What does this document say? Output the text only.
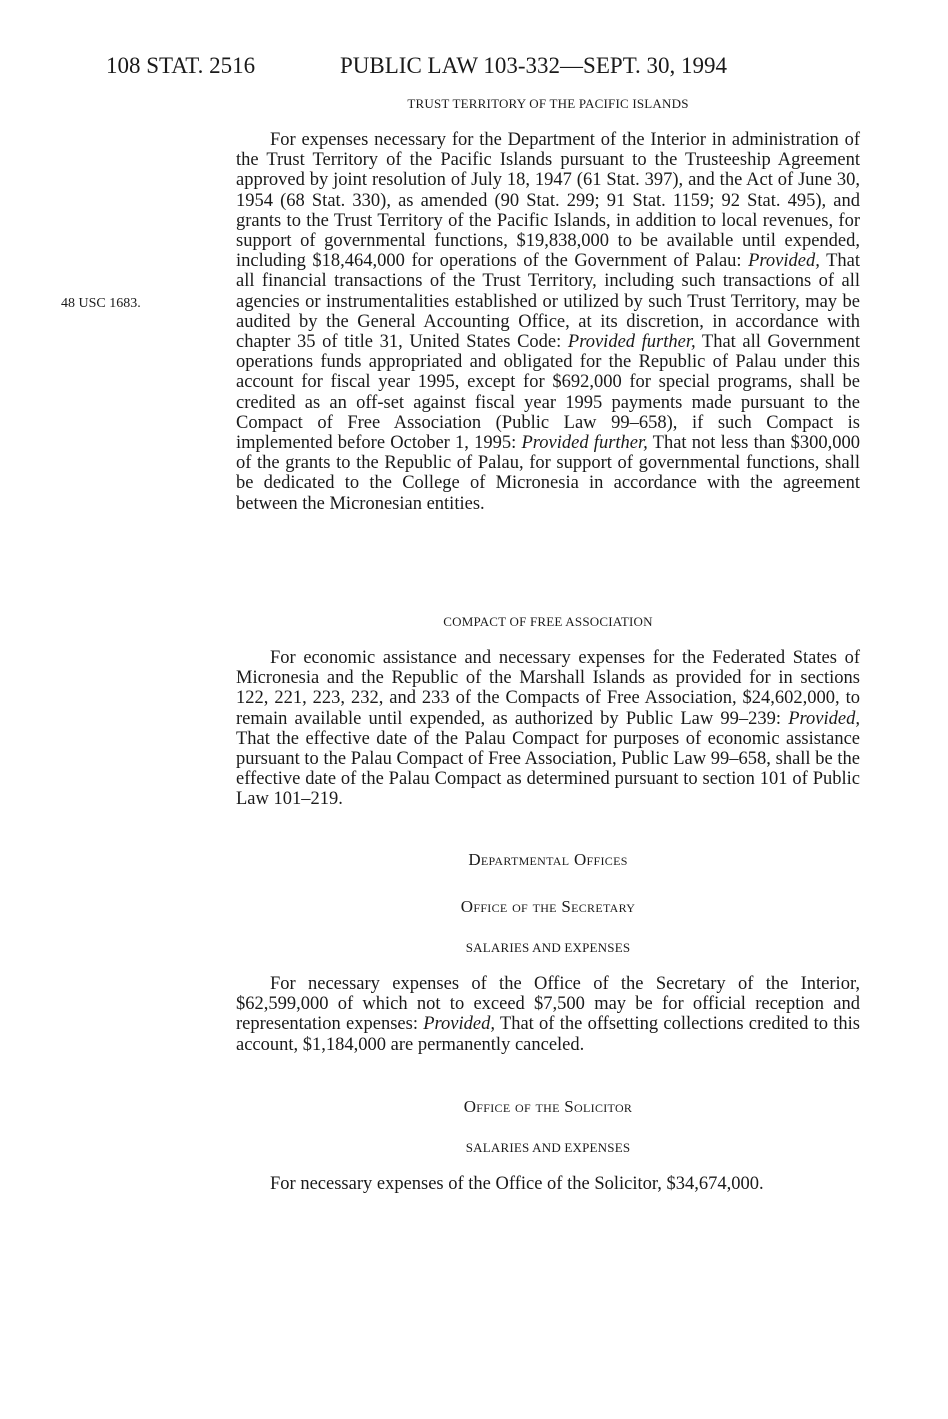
108 STAT. 2516	PUBLIC LAW 103-332—SEPT. 30, 1994
48 USC 1683.
TRUST TERRITORY OF THE PACIFIC ISLANDS

For expenses necessary for the Department of the Interior in administration of the Trust Territory of the Pacific Islands pursuant to the Trusteeship Agreement approved by joint resolution of July 18, 1947 (61 Stat. 397), and the Act of June 30, 1954 (68 Stat. 330), as amended (90 Stat. 299; 91 Stat. 1159; 92 Stat. 495), and grants to the Trust Territory of the Pacific Islands, in addition to local revenues, for support of governmental functions, $19,838,000 to be available until expended, including $18,464,000 for operations of the Government of Palau: Provided, That all financial transactions of the Trust Territory, including such transactions of all agencies or instrumentalities established or utilized by such Trust Territory, may be audited by the General Accounting Office, at its discretion, in accordance with chapter 35 of title 31, United States Code: Provided further, That all Government operations funds appropriated and obligated for the Republic of Palau under this account for fiscal year 1995, except for $692,000 for special programs, shall be credited as an off-set against fiscal year 1995 payments made pursuant to the Compact of Free Association (Public Law 99–658), if such Compact is implemented before October 1, 1995: Provided further, That not less than $300,000 of the grants to the Republic of Palau, for support of governmental functions, shall be dedicated to the College of Micronesia in accordance with the agreement between the Micronesian entities.

COMPACT OF FREE ASSOCIATION

For economic assistance and necessary expenses for the Federated States of Micronesia and the Republic of the Marshall Islands as provided for in sections 122, 221, 223, 232, and 233 of the Compacts of Free Association, $24,602,000, to remain available until expended, as authorized by Public Law 99–239: Provided, That the effective date of the Palau Compact for purposes of economic assistance pursuant to the Palau Compact of Free Association, Public Law 99–658, shall be the effective date of the Palau Compact as determined pursuant to section 101 of Public Law 101–219.

Departmental Offices
Office of the Secretary
SALARIES AND EXPENSES

For necessary expenses of the Office of the Secretary of the Interior, $62,599,000 of which not to exceed $7,500 may be for official reception and representation expenses: Provided, That of the offsetting collections credited to this account, $1,184,000 are permanently canceled.

Office of the Solicitor
SALARIES AND EXPENSES

For necessary expenses of the Office of the Solicitor, $34,674,000.
